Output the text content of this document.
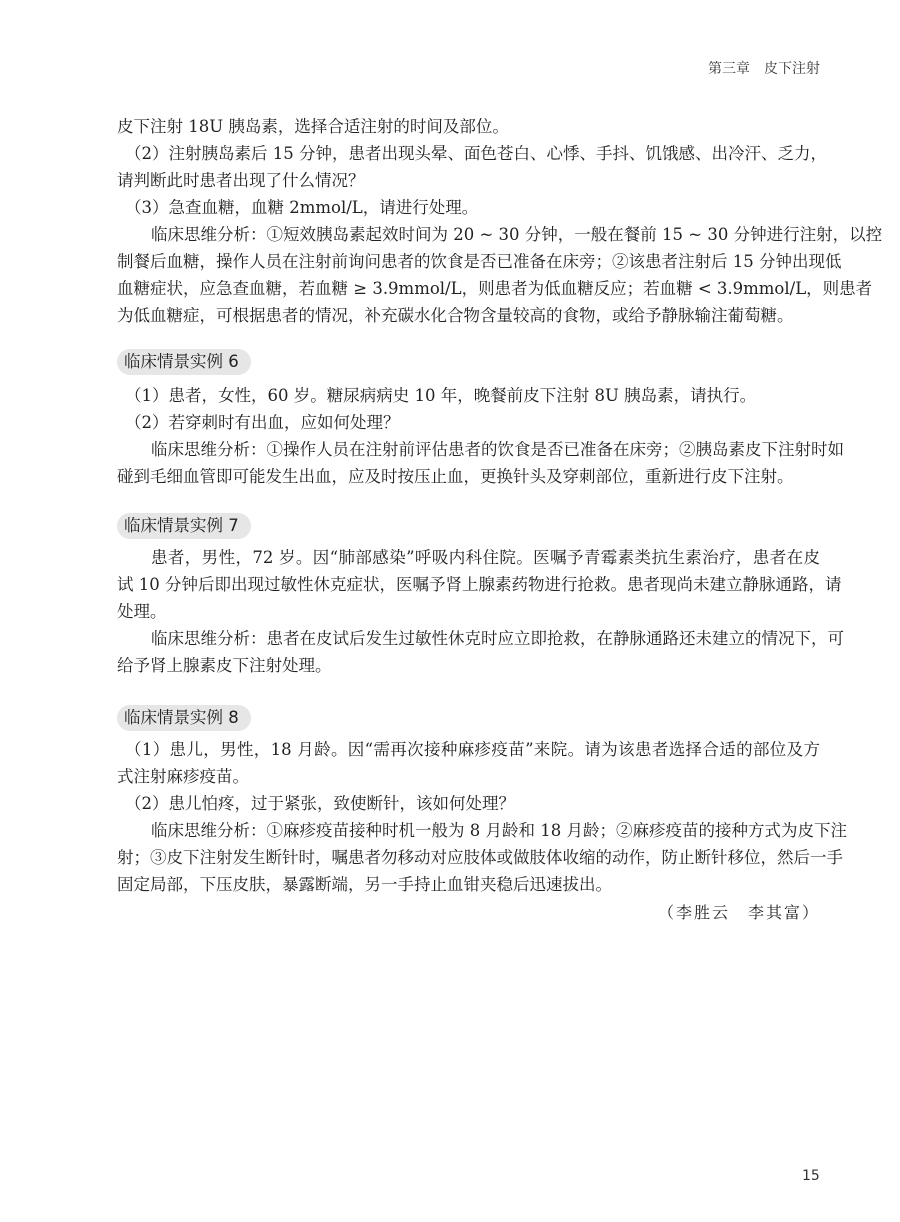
第三章　皮下注射
皮下注射 18U 胰岛素，选择合适注射的时间及部位。
（2）注射胰岛素后 15 分钟，患者出现头晕、面色苍白、心悸、手抖、饥饿感、出冷汗、乏力，
请判断此时患者出现了什么情况？
（3）急查血糖，血糖 2mmol/L，请进行处理。
临床思维分析：①短效胰岛素起效时间为 20 ~ 30 分钟，一般在餐前 15 ~ 30 分钟进行注射，以控
制餐后血糖，操作人员在注射前询问患者的饮食是否已准备在床旁；②该患者注射后 15 分钟出现低
血糖症状，应急查血糖，若血糖 ≥ 3.9mmol/L，则患者为低血糖反应；若血糖 < 3.9mmol/L，则患者
为低血糖症，可根据患者的情况，补充碳水化合物含量较高的食物，或给予静脉输注葡萄糖。
临床情景实例 6
（1）患者，女性，60 岁。糖尿病病史 10 年，晚餐前皮下注射 8U 胰岛素，请执行。
（2）若穿刺时有出血，应如何处理？
临床思维分析：①操作人员在注射前评估患者的饮食是否已准备在床旁；②胰岛素皮下注射时如
碰到毛细血管即可能发生出血，应及时按压止血，更换针头及穿刺部位，重新进行皮下注射。
临床情景实例 7
患者，男性，72 岁。因“肺部感染”呼吸内科住院。医嘱予青霉素类抗生素治疗，患者在皮
试 10 分钟后即出现过敏性休克症状，医嘱予肾上腺素药物进行抢救。患者现尚未建立静脉通路，请
处理。
临床思维分析：患者在皮试后发生过敏性休克时应立即抢救，在静脉通路还未建立的情况下，可
给予肾上腺素皮下注射处理。
临床情景实例 8
（1）患儿，男性，18 月龄。因“需再次接种麻疹疫苗”来院。请为该患者选择合适的部位及方
式注射麻疹疫苗。
（2）患儿怕疼，过于紧张，致使断针，该如何处理？
临床思维分析：①麻疹疫苗接种时机一般为 8 月龄和 18 月龄；②麻疹疫苗的接种方式为皮下注
射；③皮下注射发生断针时，嘱患者勿移动对应肢体或做肢体收缩的动作，防止断针移位，然后一手
固定局部，下压皮肤，暴露断端，另一手持止血钳夹稳后迅速拔出。
（李胜云　李其富）
15
